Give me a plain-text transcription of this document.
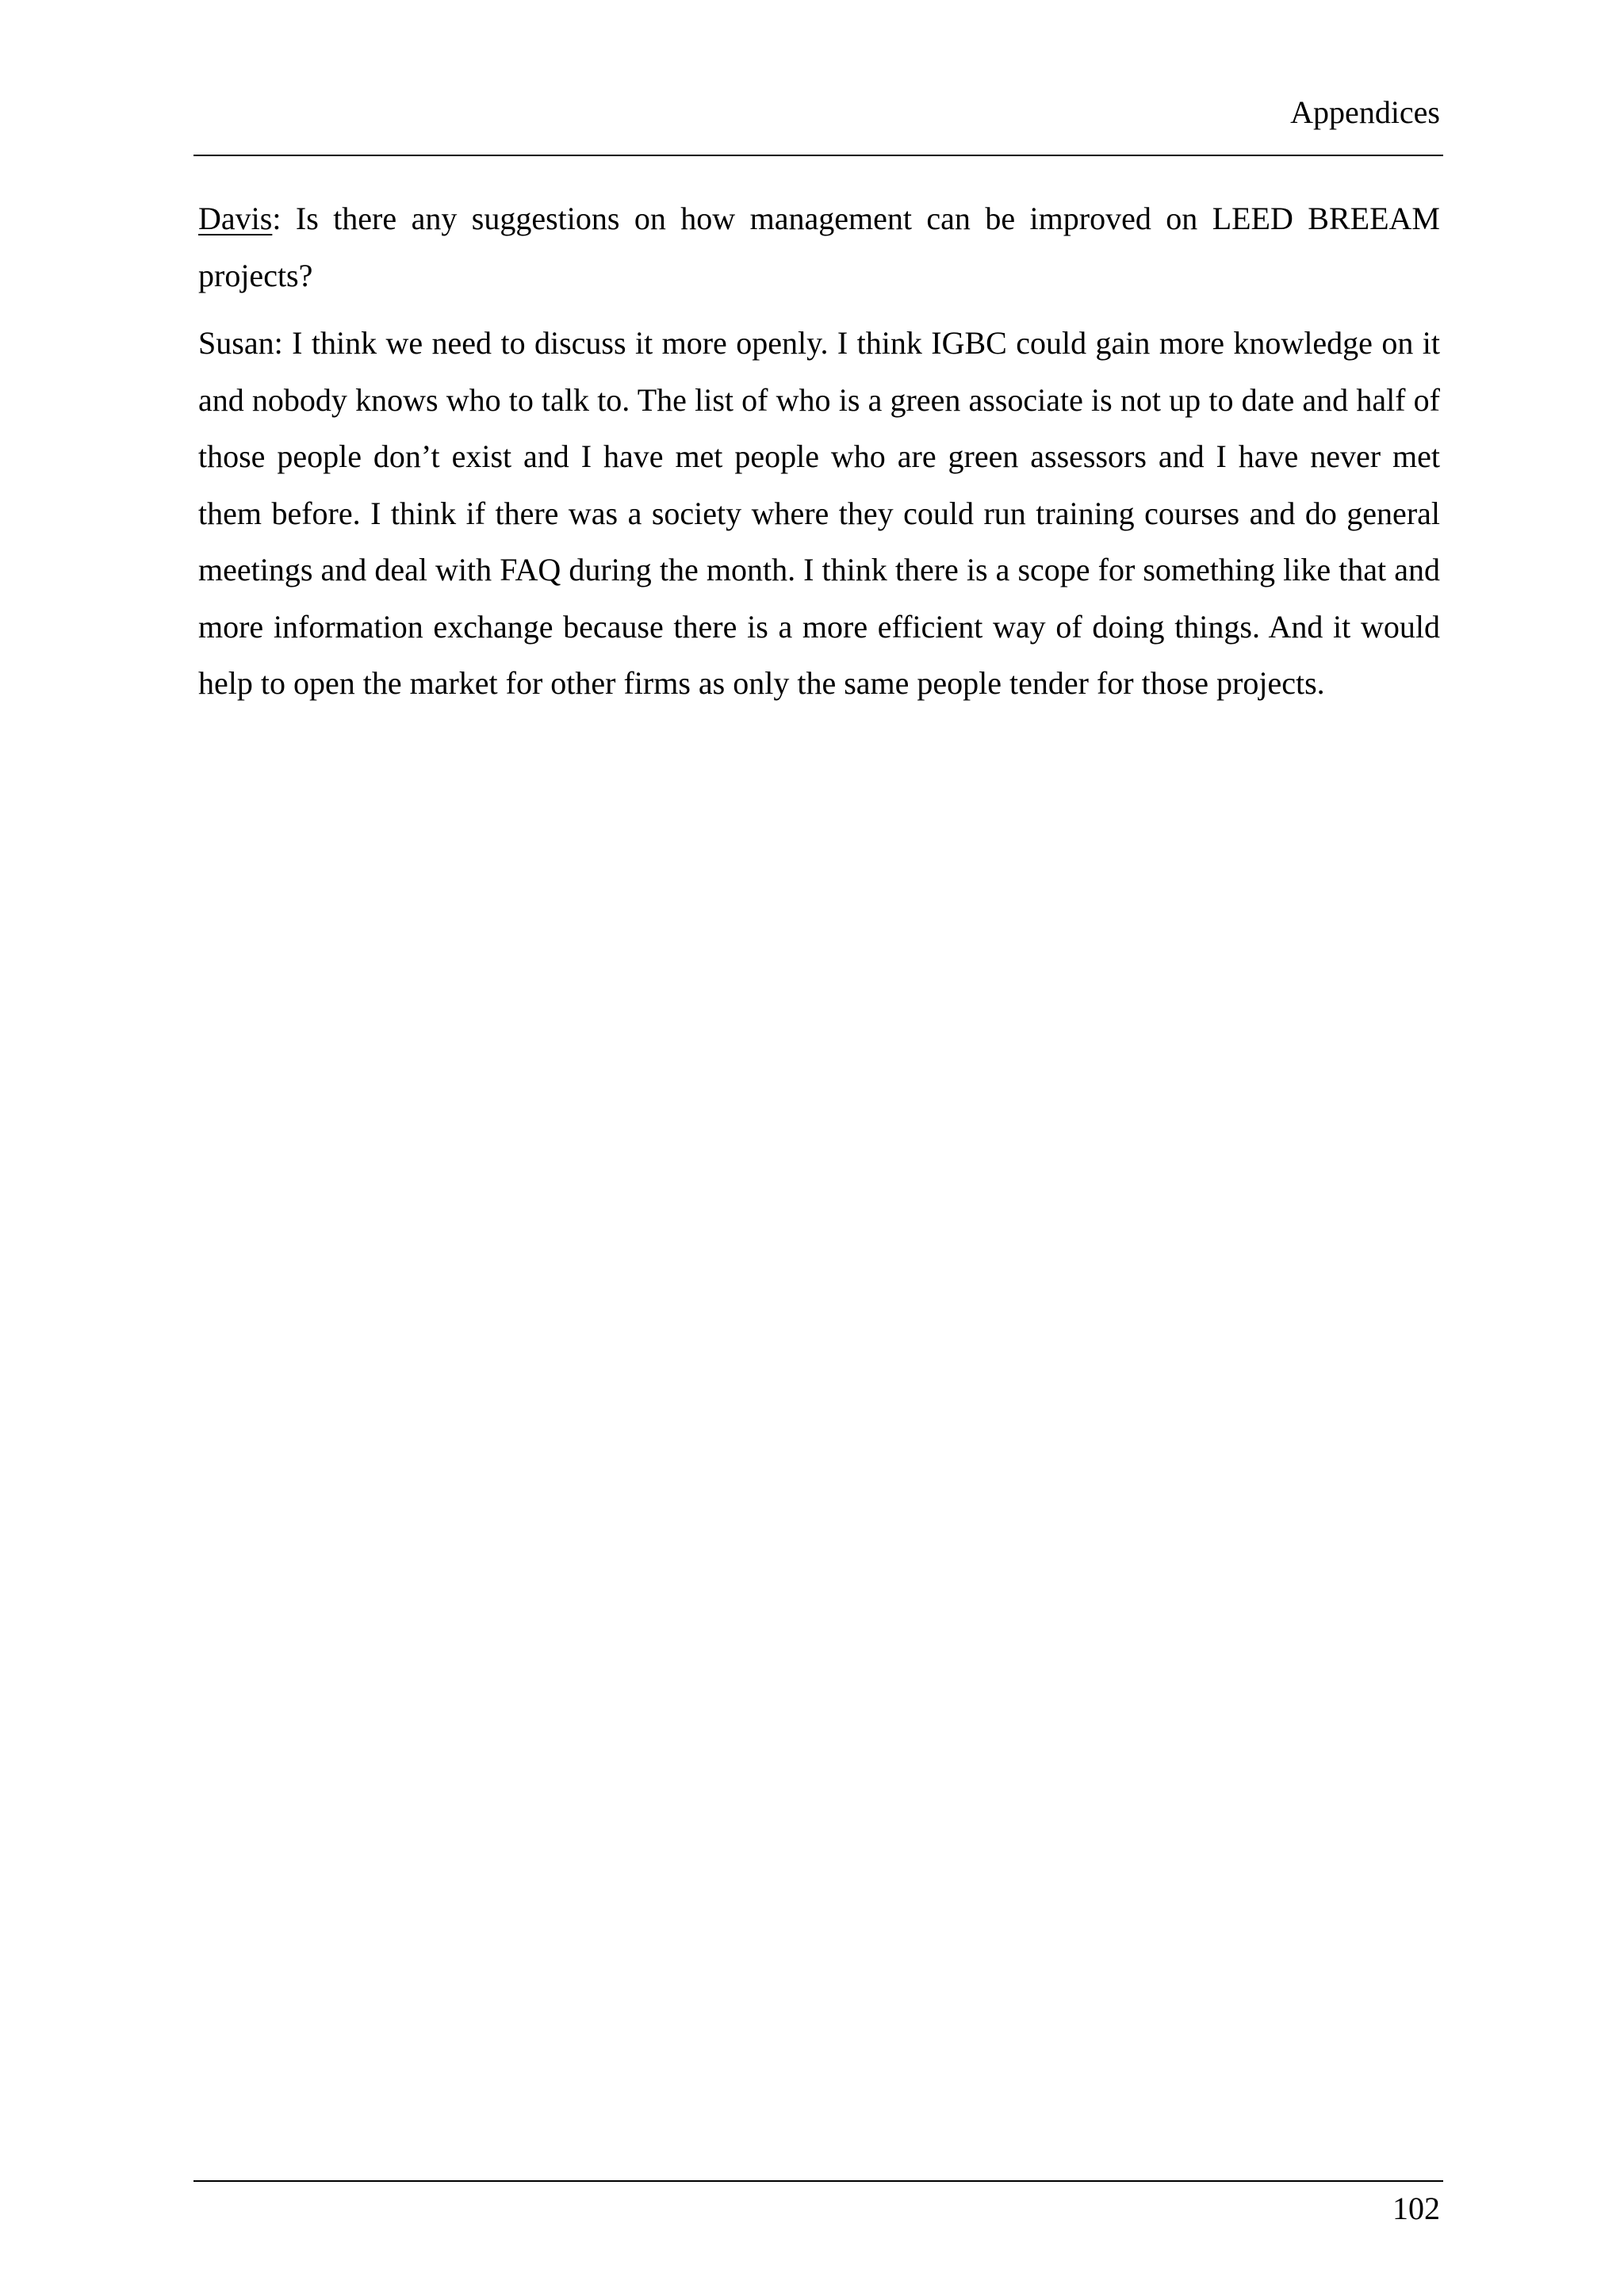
Appendices

Davis: Is there any suggestions on how management can be improved on LEED BREEAM projects?

Susan: I think we need to discuss it more openly. I think IGBC could gain more knowledge on it and nobody knows who to talk to. The list of who is a green associate is not up to date and half of those people don’t exist and I have met people who are green assessors and I have never met them before. I think if there was a society where they could run training courses and do general meetings and deal with FAQ during the month. I think there is a scope for something like that and more information exchange because there is a more efficient way of doing things. And it would help to open the market for other firms as only the same people tender for those projects.

102
